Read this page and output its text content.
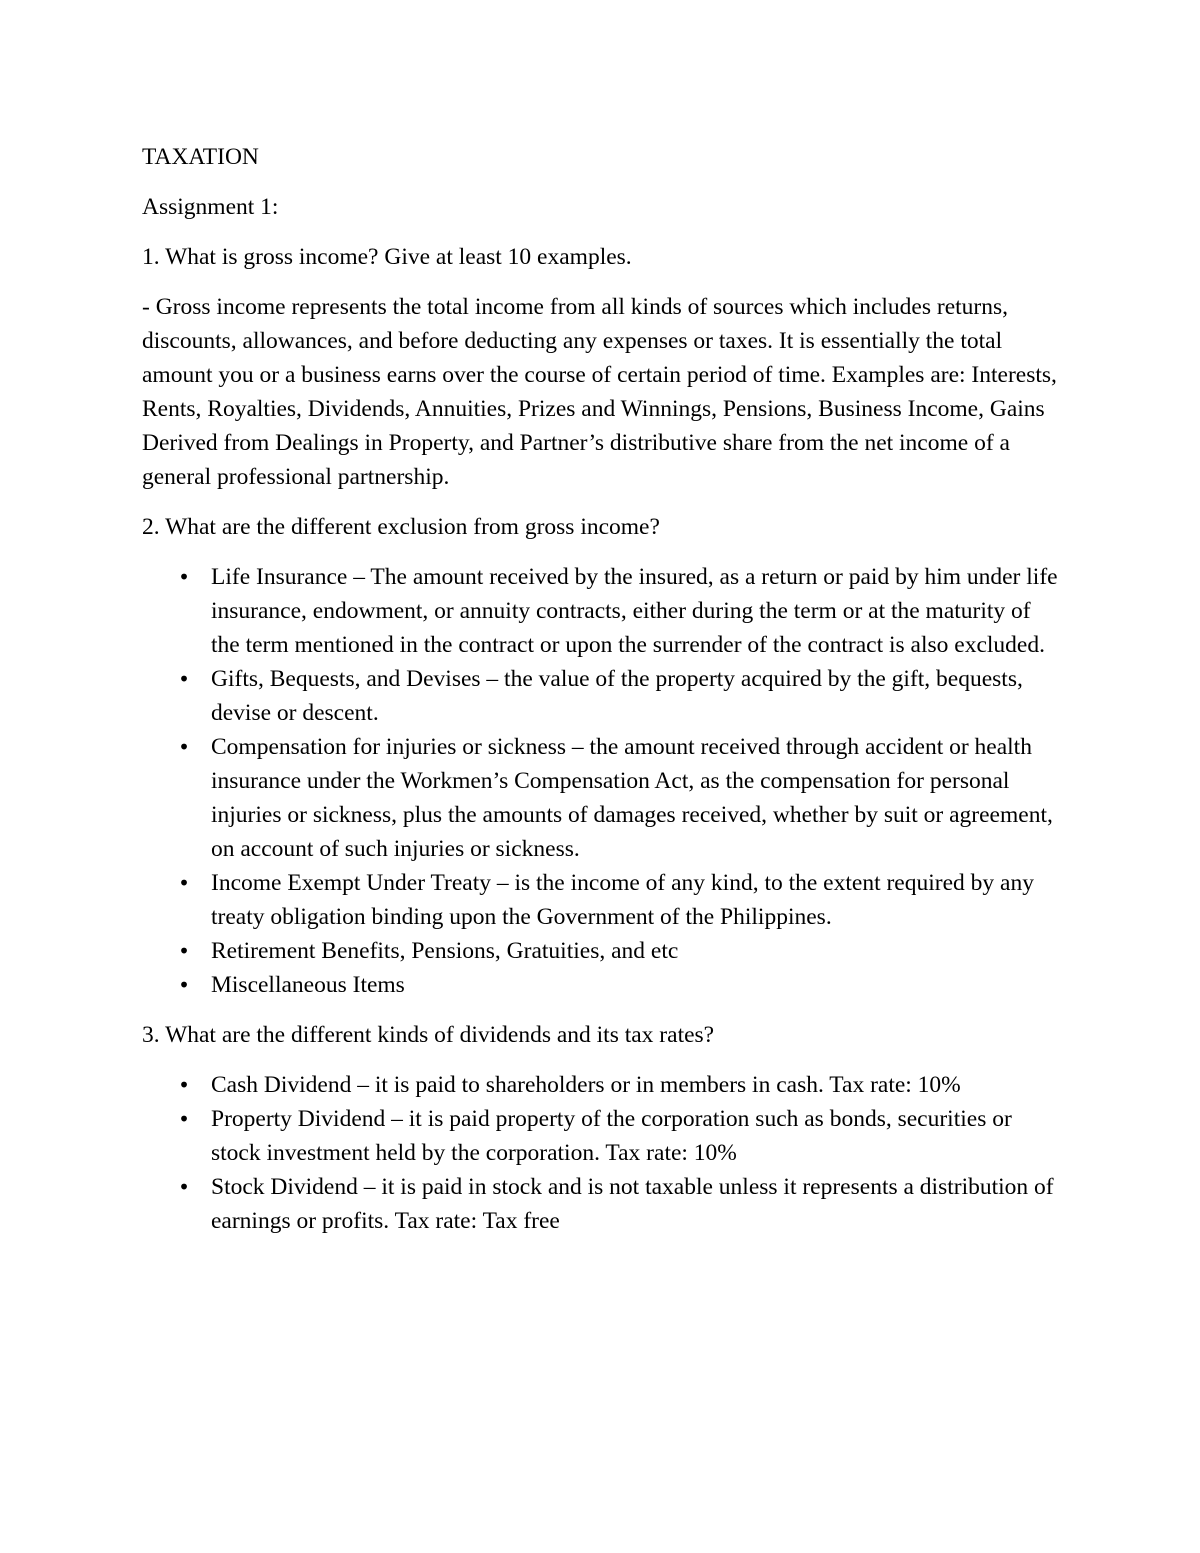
TAXATION

Assignment 1:

1. What is gross income? Give at least 10 examples.

- Gross income represents the total income from all kinds of sources which includes returns, discounts, allowances, and before deducting any expenses or taxes. It is essentially the total amount you or a business earns over the course of certain period of time. Examples are: Interests, Rents, Royalties, Dividends, Annuities, Prizes and Winnings, Pensions, Business Income, Gains Derived from Dealings in Property, and Partner’s distributive share from the net income of a general professional partnership.

2. What are the different exclusion from gross income?

• Life Insurance – The amount received by the insured, as a return or paid by him under life insurance, endowment, or annuity contracts, either during the term or at the maturity of the term mentioned in the contract or upon the surrender of the contract is also excluded.
• Gifts, Bequests, and Devises – the value of the property acquired by the gift, bequests, devise or descent.
• Compensation for injuries or sickness – the amount received through accident or health insurance under the Workmen’s Compensation Act, as the compensation for personal injuries or sickness, plus the amounts of damages received, whether by suit or agreement, on account of such injuries or sickness.
• Income Exempt Under Treaty – is the income of any kind, to the extent required by any treaty obligation binding upon the Government of the Philippines.
• Retirement Benefits, Pensions, Gratuities, and etc
• Miscellaneous Items

3. What are the different kinds of dividends and its tax rates?

• Cash Dividend – it is paid to shareholders or in members in cash. Tax rate: 10%
• Property Dividend – it is paid property of the corporation such as bonds, securities or stock investment held by the corporation. Tax rate: 10%
• Stock Dividend – it is paid in stock and is not taxable unless it represents a distribution of earnings or profits. Tax rate: Tax free
